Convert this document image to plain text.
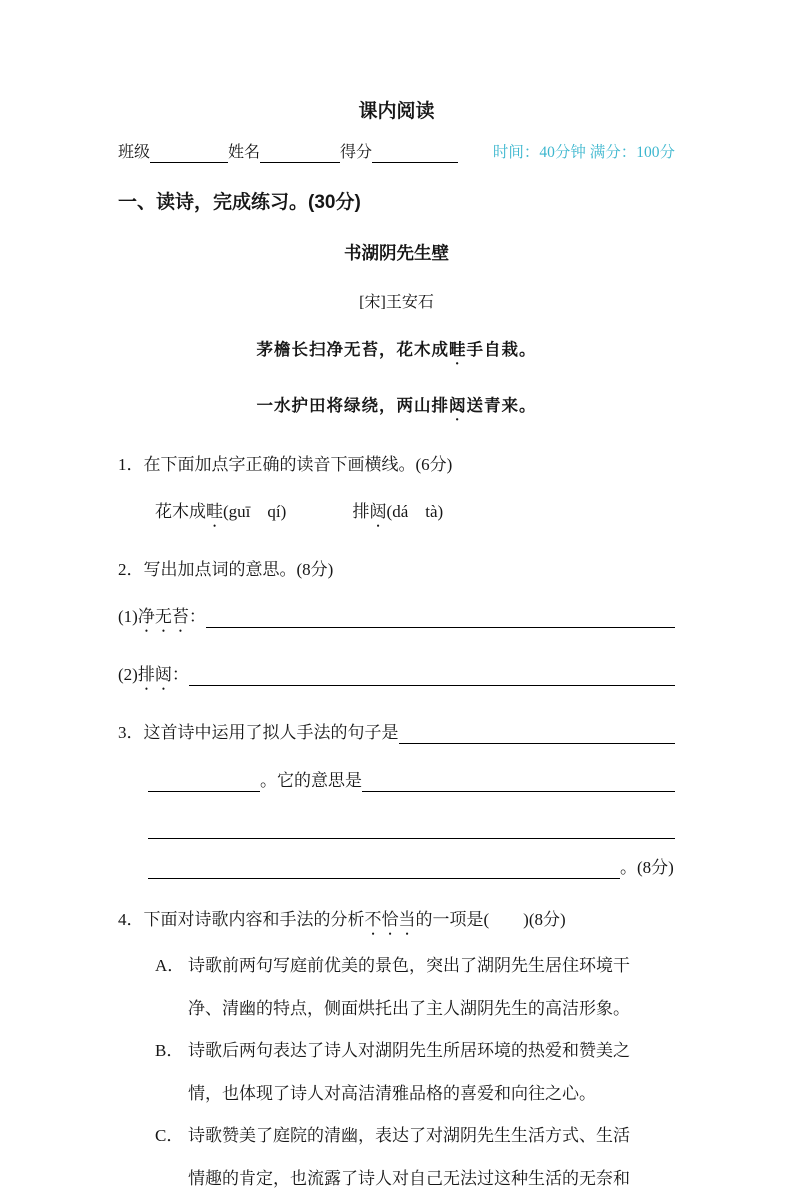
课内阅读
班级
	姓名
	得分
	时间：40分钟 满分：100分
一、读诗，完成练习。(30分)
书湖阴先生壁
[宋]王安石
茅檐长扫净无苔，花木成畦手自栽。
一水护田将绿绕，两山排闼送青来。
1．在下面加点字正确的读音下画横线。(6分)
花木成畦(guī　qí)	排闼(dá　tà)
2．写出加点词的意思。(8分)
(1)净无苔：

(2)排闼：

3．这首诗中运用了拟人手法的句子是

。它的意思是

。(8分)
4．下面对诗歌内容和手法的分析不恰当的一项是(　　)(8分)
A． 诗歌前两句写庭前优美的景色，突出了湖阴先生居住环境干净、清幽的特点，侧面烘托出了主人湖阴先生的高洁形象。
B． 诗歌后两句表达了诗人对湖阴先生所居环境的热爱和赞美之情，也体现了诗人对高洁清雅品格的喜爱和向往之心。
C． 诗歌赞美了庭院的清幽，表达了对湖阴先生生活方式、生活情趣的肯定，也流露了诗人对自己无法过这种生活的无奈和
